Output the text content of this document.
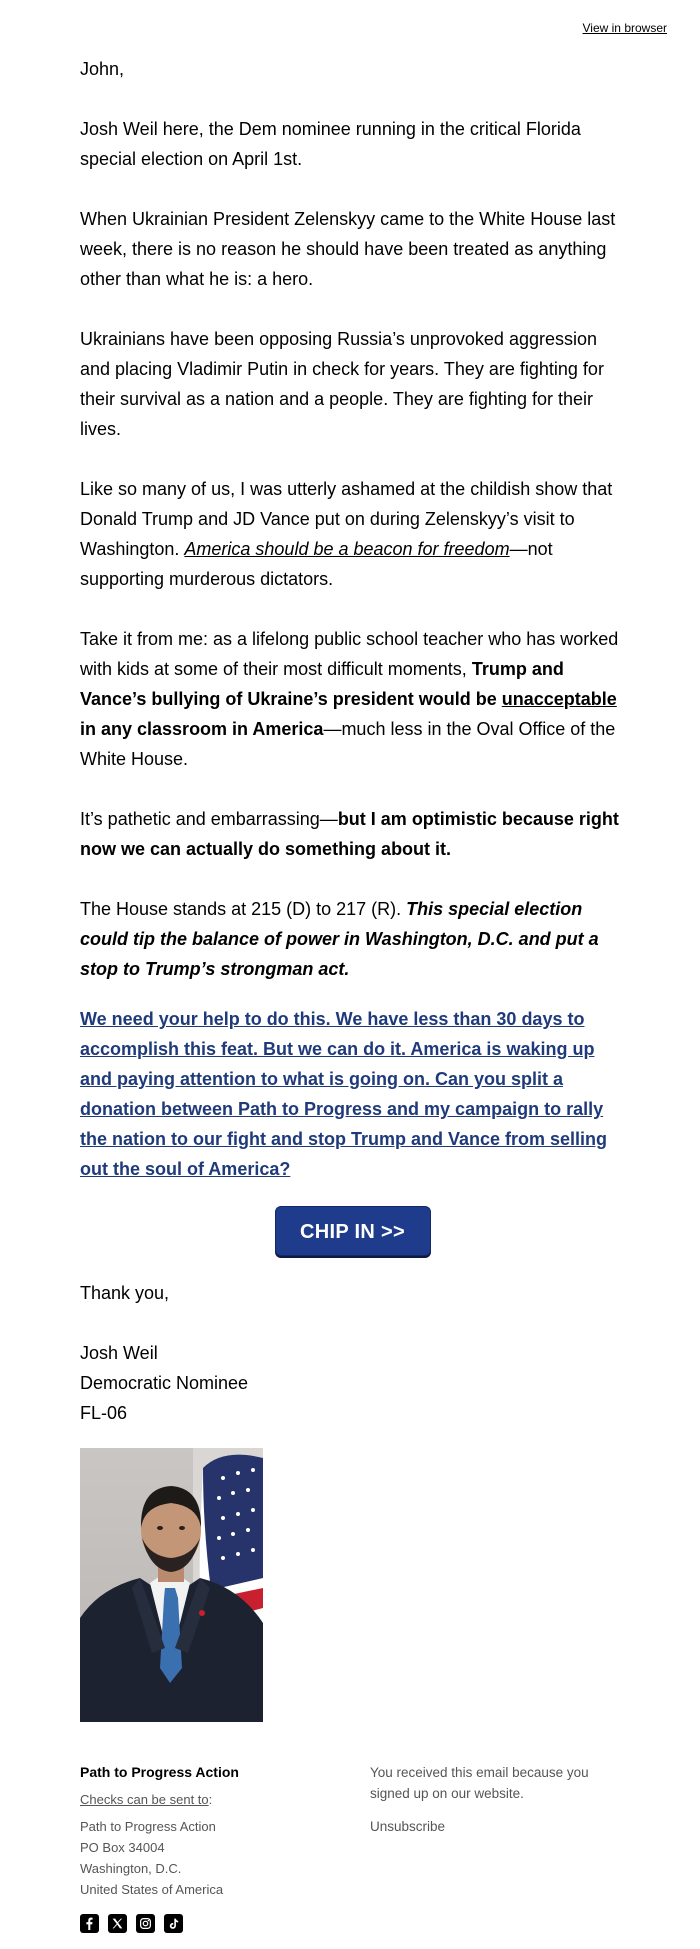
View in browser

John,

Josh Weil here, the Dem nominee running in the critical Florida special election on April 1st.

When Ukrainian President Zelenskyy came to the White House last week, there is no reason he should have been treated as anything other than what he is: a hero.

Ukrainians have been opposing Russia’s unprovoked aggression and placing Vladimir Putin in check for years. They are fighting for their survival as a nation and a people. They are fighting for their lives.

Like so many of us, I was utterly ashamed at the childish show that Donald Trump and JD Vance put on during Zelenskyy’s visit to Washington. America should be a beacon for freedom—not supporting murderous dictators.

Take it from me: as a lifelong public school teacher who has worked with kids at some of their most difficult moments, Trump and Vance’s bullying of Ukraine’s president would be unacceptable in any classroom in America—much less in the Oval Office of the White House.

It’s pathetic and embarrassing—but I am optimistic because right now we can actually do something about it.

The House stands at 215 (D) to 217 (R). This special election could tip the balance of power in Washington, D.C. and put a stop to Trump’s strongman act.

We need your help to do this. We have less than 30 days to accomplish this feat. But we can do it. America is waking up and paying attention to what is going on. Can you split a donation between Path to Progress and my campaign to rally the nation to our fight and stop Trump and Vance from selling out the soul of America?
CHIP IN >>

Thank you,

Josh Weil
Democratic Nominee
FL-06
Path to Progress Action
Checks can be sent to:
Path to Progress Action
PO Box 34004
Washington, D.C.
United States of America
You received this email because you signed up on our website.
Unsubscribe
